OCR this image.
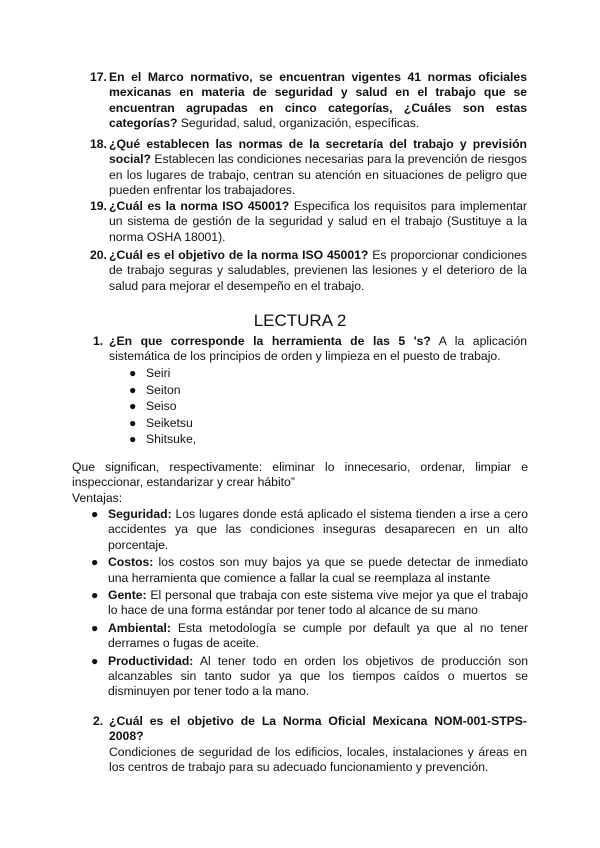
17. En el Marco normativo, se encuentran vigentes 41 normas oficiales mexicanas en materia de seguridad y salud en el trabajo que se encuentran agrupadas en cinco categorías, ¿Cuáles son estas categorías? Seguridad, salud, organización, específicas.
18. ¿Qué establecen las normas de la secretaría del trabajo y previsión social? Establecen las condiciones necesarias para la prevención de riesgos en los lugares de trabajo, centran su atención en situaciones de peligro que pueden enfrentar los trabajadores.
19. ¿Cuál es la norma ISO 45001? Especifica los requisitos para implementar un sistema de gestión de la seguridad y salud en el trabajo (Sustituye a la norma OSHA 18001).
20. ¿Cuál es el objetivo de la norma ISO 45001? Es proporcionar condiciones de trabajo seguras y saludables, previenen las lesiones y el deterioro de la salud para mejorar el desempeño en el trabajo.
LECTURA 2
1. ¿En que corresponde la herramienta de las 5 's? A la aplicación sistemática de los principios de orden y limpieza en el puesto de trabajo.
● Seiri
● Seiton
● Seiso
● Seiketsu
● Shitsuke,
Que significan, respectivamente: eliminar lo innecesario, ordenar, limpiar e inspeccionar, estandarizar y crear hábito”
Ventajas:
● Seguridad: Los lugares donde está aplicado el sistema tienden a irse a cero accidentes ya que las condiciones inseguras desaparecen en un alto porcentaje.
● Costos: los costos son muy bajos ya que se puede detectar de inmediato una herramienta que comience a fallar la cual se reemplaza al instante
● Gente: El personal que trabaja con este sistema vive mejor ya que el trabajo lo hace de una forma estándar por tener todo al alcance de su mano
● Ambiental: Esta metodología se cumple por default ya que al no tener derrames o fugas de aceite.
● Productividad: Al tener todo en orden los objetivos de producción son alcanzables sin tanto sudor ya que los tiempos caídos o muertos se disminuyen por tener todo a la mano.
2. ¿Cuál es el objetivo de La Norma Oficial Mexicana NOM-001-STPS-2008?
Condiciones de seguridad de los edificios, locales, instalaciones y áreas en los centros de trabajo para su adecuado funcionamiento y prevención.
